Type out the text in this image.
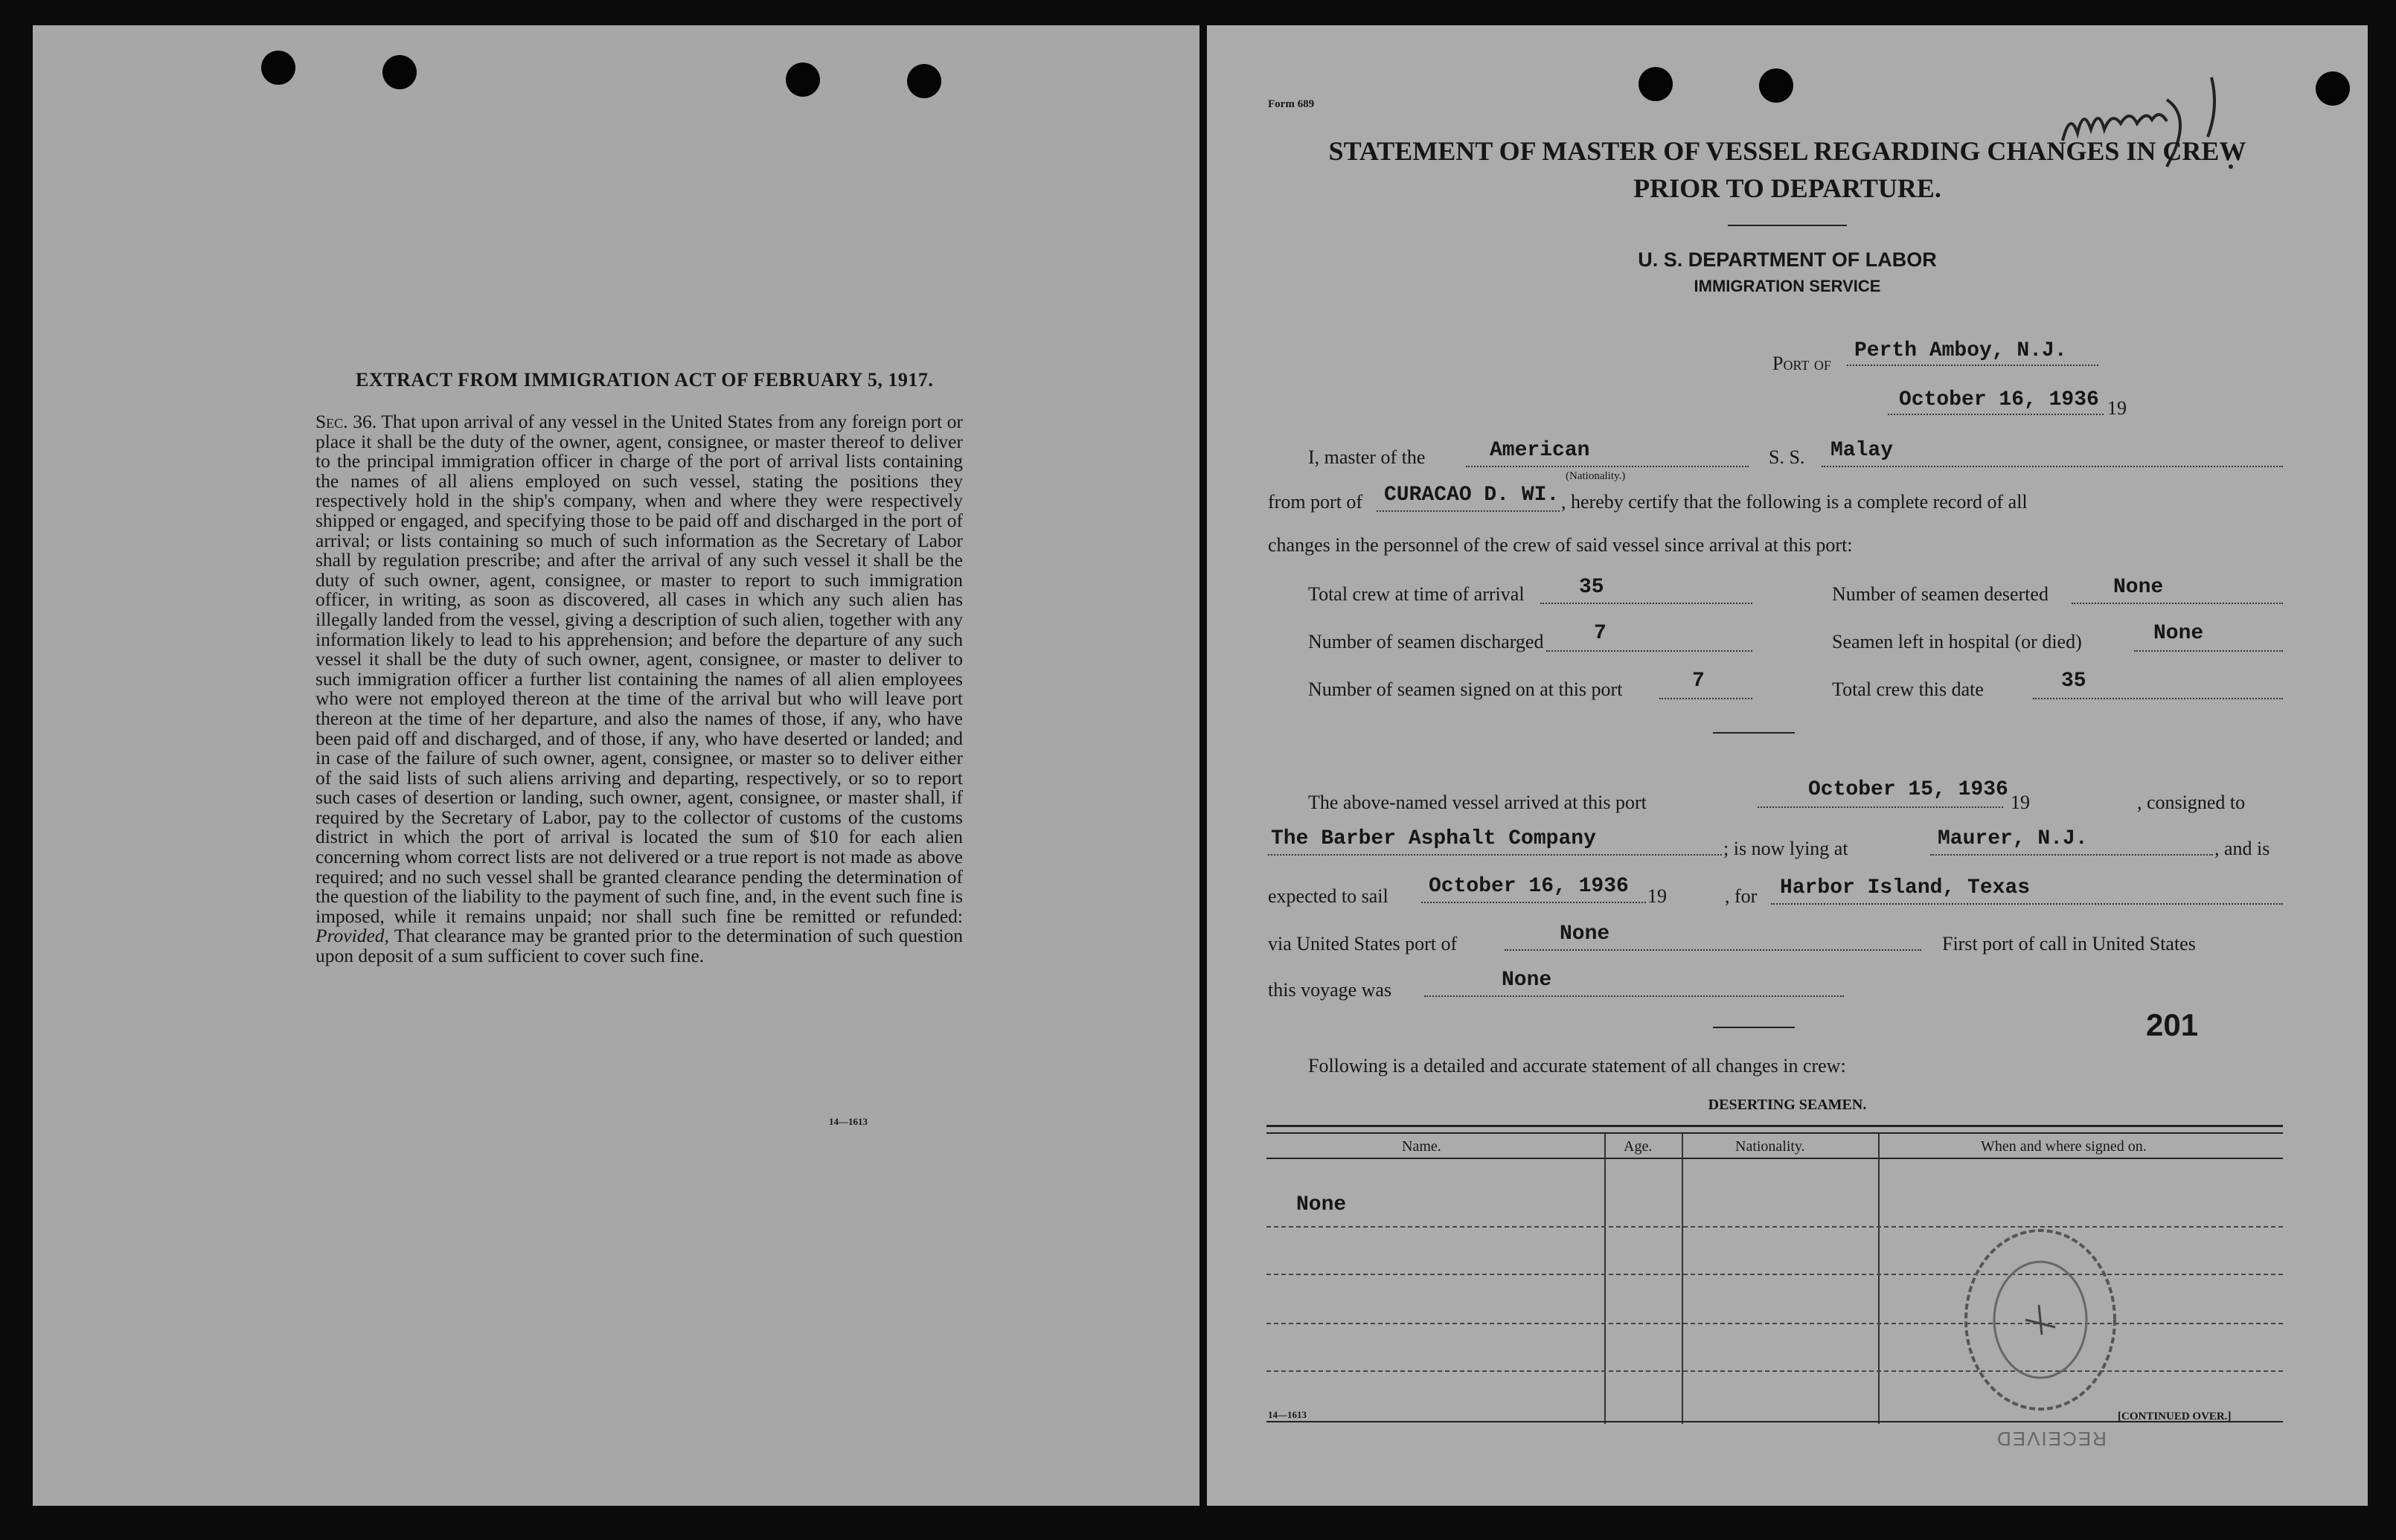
EXTRACT FROM IMMIGRATION ACT OF FEBRUARY 5, 1917.
Sec. 36. That upon arrival of any vessel in the United States from any foreign port or place it shall be the duty of the owner, agent, consignee, or master thereof to deliver to the principal immigration officer in charge of the port of arrival lists containing the names of all aliens employed on such vessel, stating the positions they respectively hold in the ship's company, when and where they were respectively shipped or engaged, and specifying those to be paid off and discharged in the port of arrival; or lists containing so much of such information as the Secretary of Labor shall by regulation prescribe; and after the arrival of any such vessel it shall be the duty of such owner, agent, consignee, or master to report to such immigration officer, in writing, as soon as discovered, all cases in which any such alien has illegally landed from the vessel, giving a description of such alien, together with any information likely to lead to his apprehension; and before the departure of any such vessel it shall be the duty of such owner, agent, consignee, or master to deliver to such immigration officer a further list containing the names of all alien employees who were not employed thereon at the time of the arrival but who will leave port thereon at the time of her departure, and also the names of those, if any, who have been paid off and discharged, and of those, if any, who have deserted or landed; and in case of the failure of such owner, agent, consignee, or master so to deliver either of the said lists of such aliens arriving and departing, respectively, or so to report such cases of desertion or landing, such owner, agent, consignee, or master shall, if required by the Secretary of Labor, pay to the collector of customs of the customs district in which the port of arrival is located the sum of $10 for each alien concerning whom correct lists are not delivered or a true report is not made as above required; and no such vessel shall be granted clearance pending the determination of the question of the liability to the payment of such fine, and, in the event such fine is imposed, while it remains unpaid; nor shall such fine be remitted or refunded: Provided, That clearance may be granted prior to the determination of such question upon deposit of a sum sufficient to cover such fine.
14—1613
Form 689
STATEMENT OF MASTER OF VESSEL REGARDING CHANGES IN CREW
PRIOR TO DEPARTURE.
U. S. DEPARTMENT OF LABOR
IMMIGRATION SERVICE
Port of
Perth Amboy, N.J.
October 16, 1936 19
I, master of the	American
(Nationality.)
S. S. Malay
from port of CURACAO D. WI. , hereby certify that the following is a complete record of all
changes in the personnel of the crew of said vessel since arrival at this port:
Total crew at time of arrival	35	Number of seamen deserted	None
Number of seamen discharged 7	Seamen left in hospital (or died)	None
Number of seamen signed on at this port	7	Total crew this date	35
The above-named vessel arrived at this port
October 15, 1936
19	, consigned to
The Barber Asphalt Company	; is now lying at	Maurer, N.J.	, and is
expected to sail October 16, 1936 19	, for Harbor Island, Texas
via United States port of	None	First port of call in United States
this voyage was	None
201
Following is a detailed and accurate statement of all changes in crew:
DESERTING SEAMEN.
Name.	Age.	Nationality.	When and where signed on.
None
14—1613
RECEIVED
[CONTINUED OVER.]
